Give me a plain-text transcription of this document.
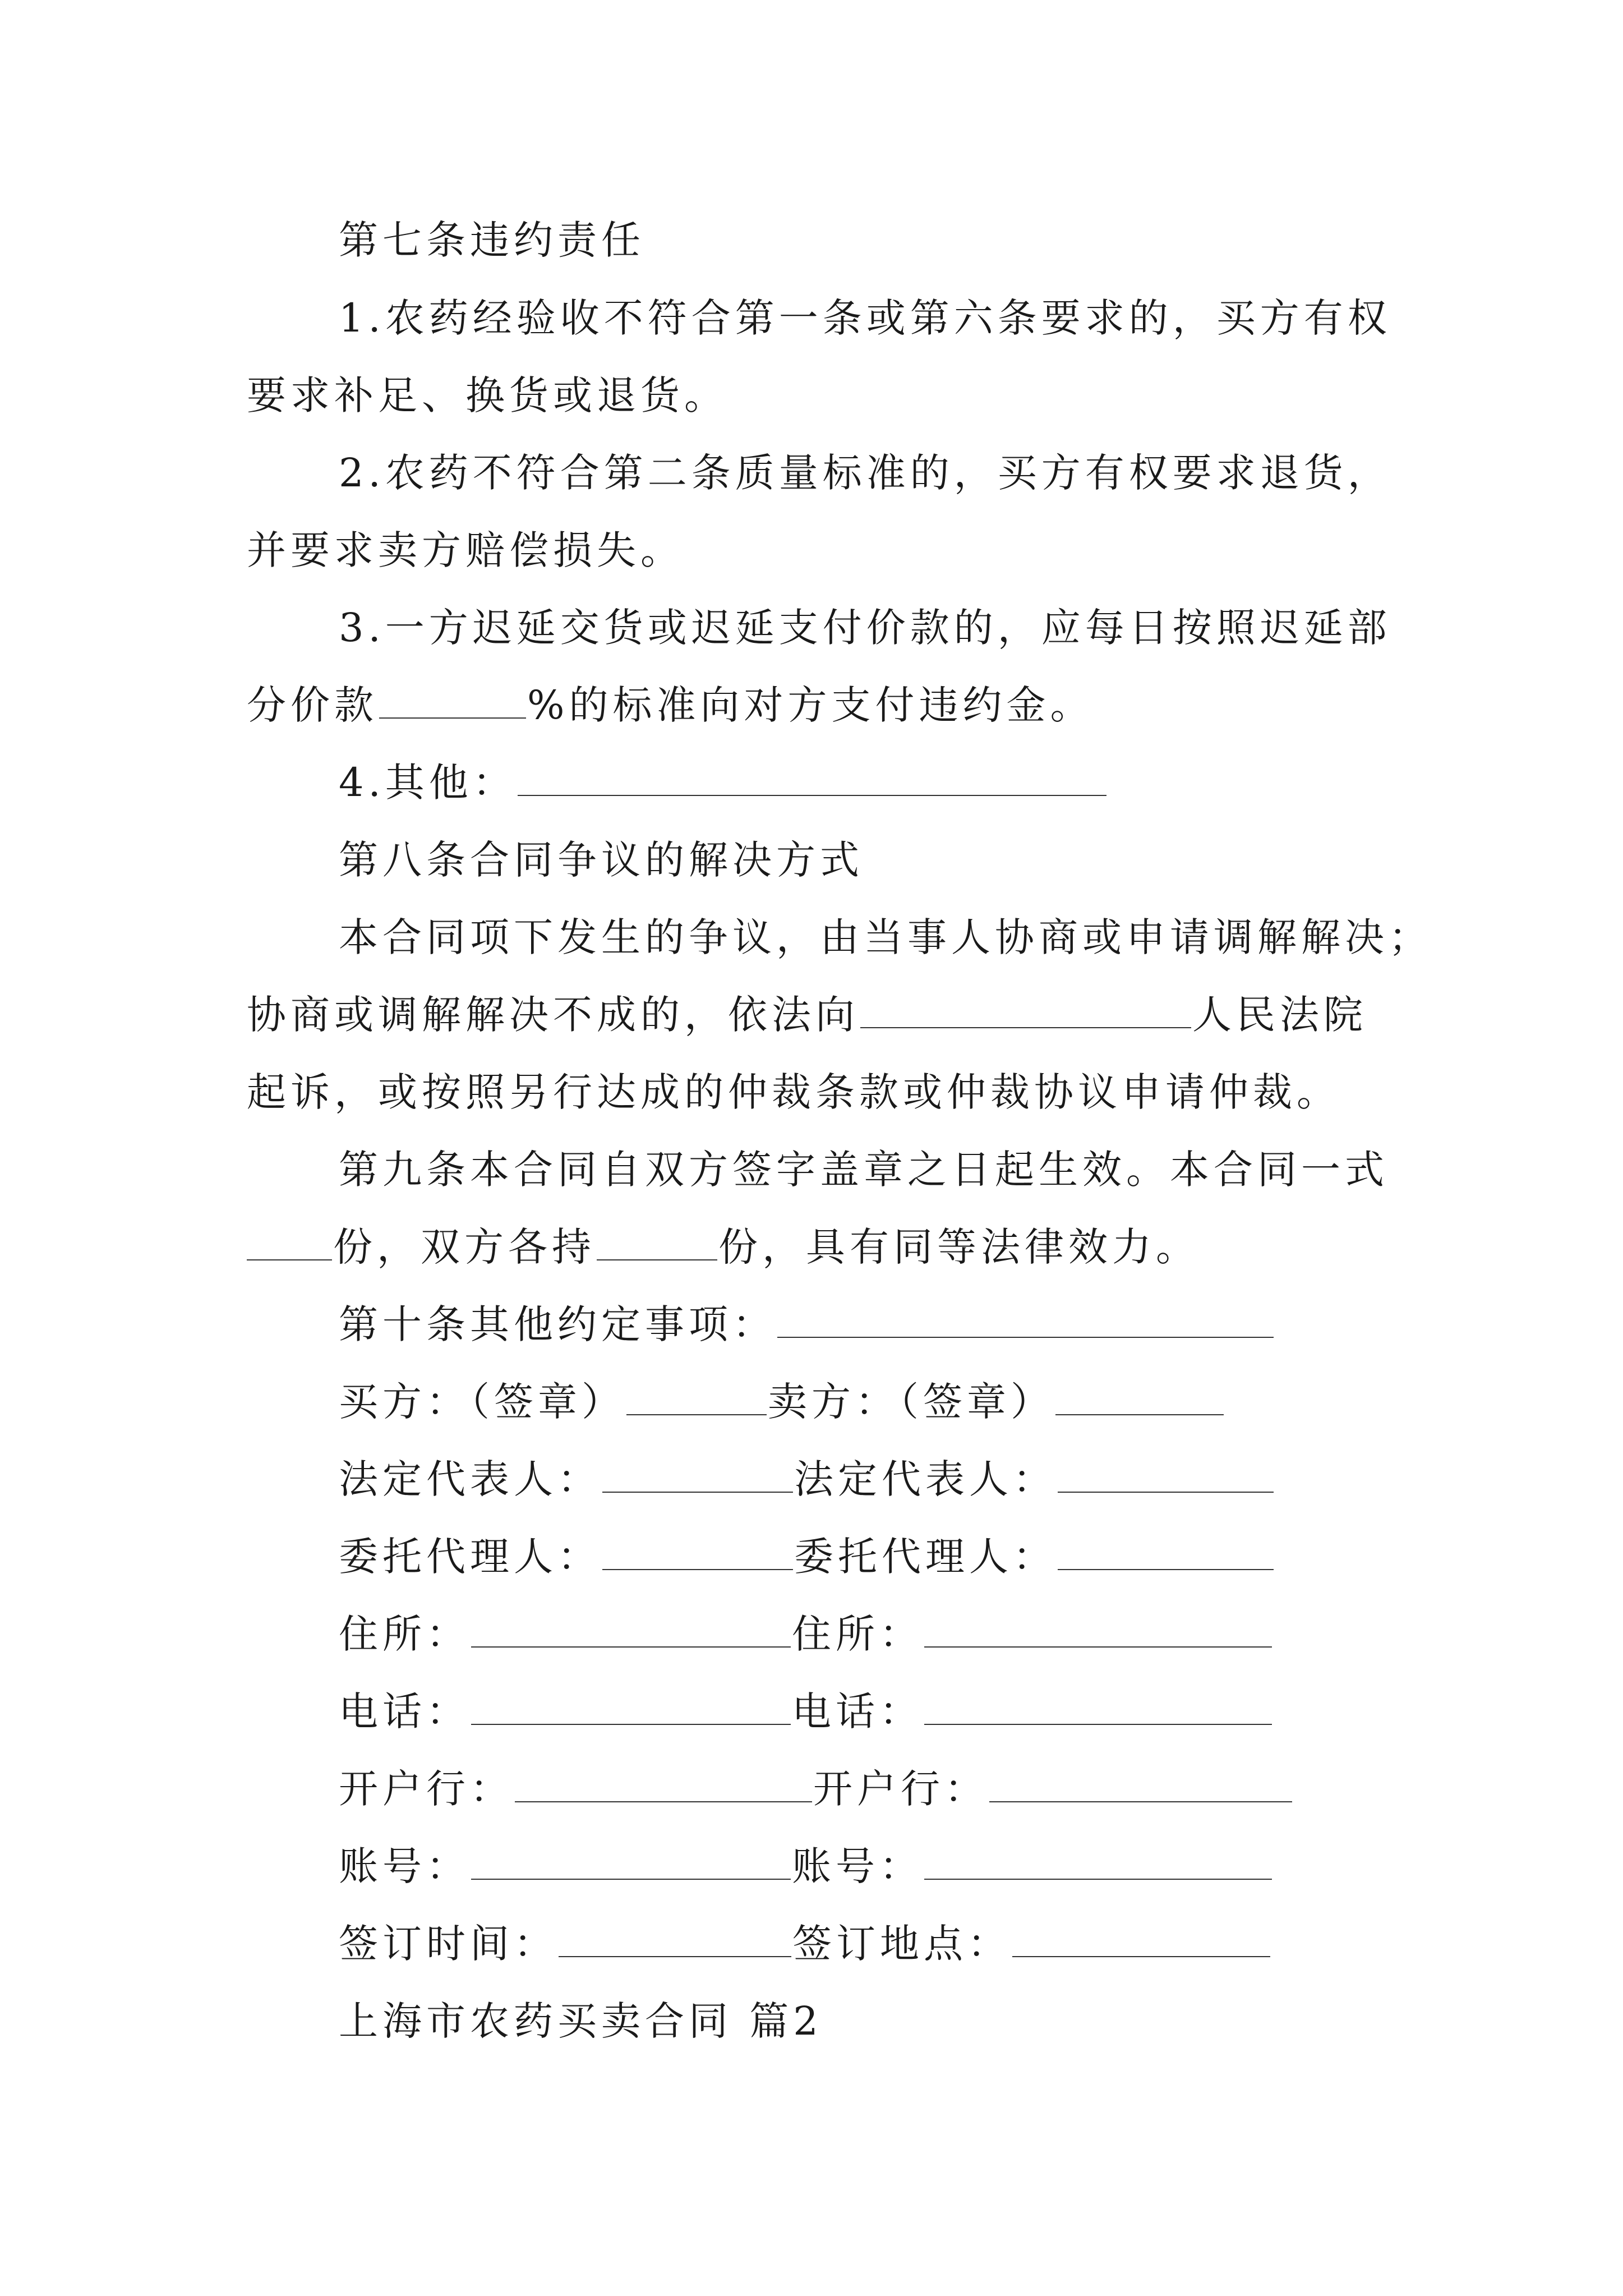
第七条违约责任
1.农药经验收不符合第一条或第六条要求的，买方有权
要求补足、换货或退货。
2.农药不符合第二条质量标准的，买方有权要求退货，
并要求卖方赔偿损失。
3.一方迟延交货或迟延支付价款的，应每日按照迟延部
分价款	%的标准向对方支付违约金。
4.其他：
第八条合同争议的解决方式
本合同项下发生的争议，由当事人协商或申请调解解决；
协商或调解解决不成的，依法向	人民法院
起诉，或按照另行达成的仲裁条款或仲裁协议申请仲裁。
第九条本合同自双方签字盖章之日起生效。本合同一式
份，双方各持	份，具有同等法律效力。
第十条其他约定事项：
买方：（签章）	卖方：（签章）
法定代表人：	法定代表人：
委托代理人：	委托代理人：
住所：	住所：
电话：	电话：
开户行：	开户行：
账号：	账号：
签订时间：	签订地点：
上海市农药买卖合同 篇2
